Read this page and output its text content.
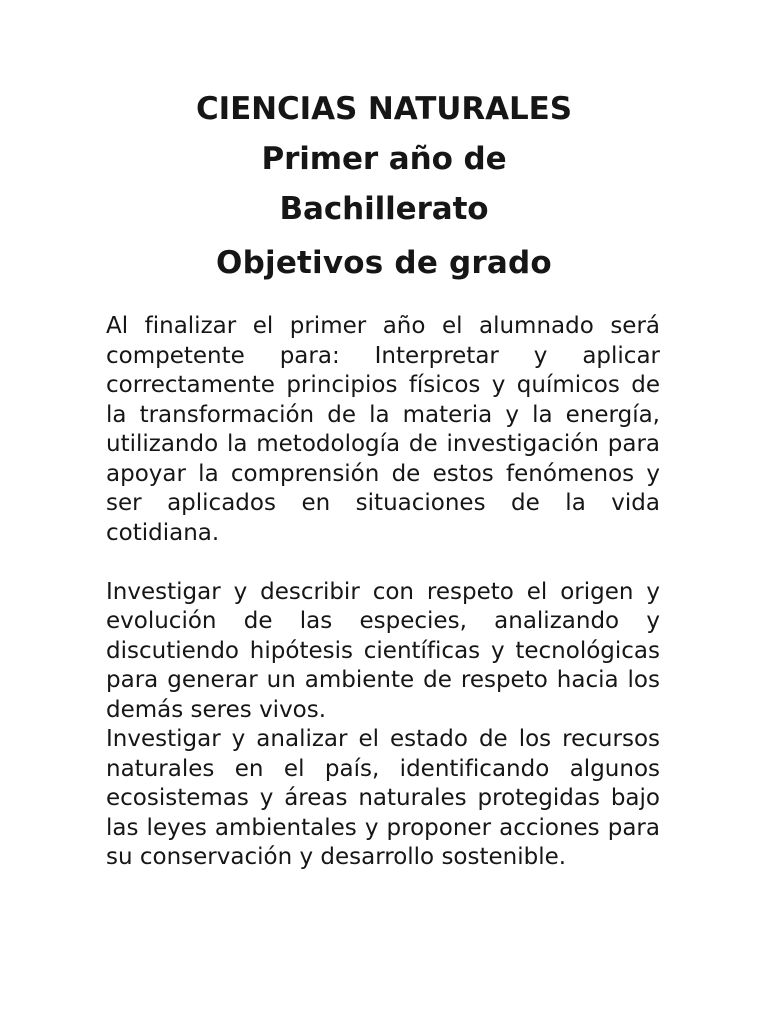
CIENCIAS NATURALES
Primer año de
Bachillerato
Objetivos de grado

Al finalizar el primer año el alumnado será competente para: Interpretar y aplicar correctamente principios físicos y químicos de la transformación de la materia y la energía, utilizando la metodología de investigación para apoyar la comprensión de estos fenómenos y ser aplicados en situaciones de la vida cotidiana.

Investigar y describir con respeto el origen y evolución de las especies, analizando y discutiendo hipótesis científicas y tecnológicas para generar un ambiente de respeto hacia los demás seres vivos.

Investigar y analizar el estado de los recursos naturales en el país, identificando algunos ecosistemas y áreas naturales protegidas bajo las leyes ambientales y proponer acciones para su conservación y desarrollo sostenible.
